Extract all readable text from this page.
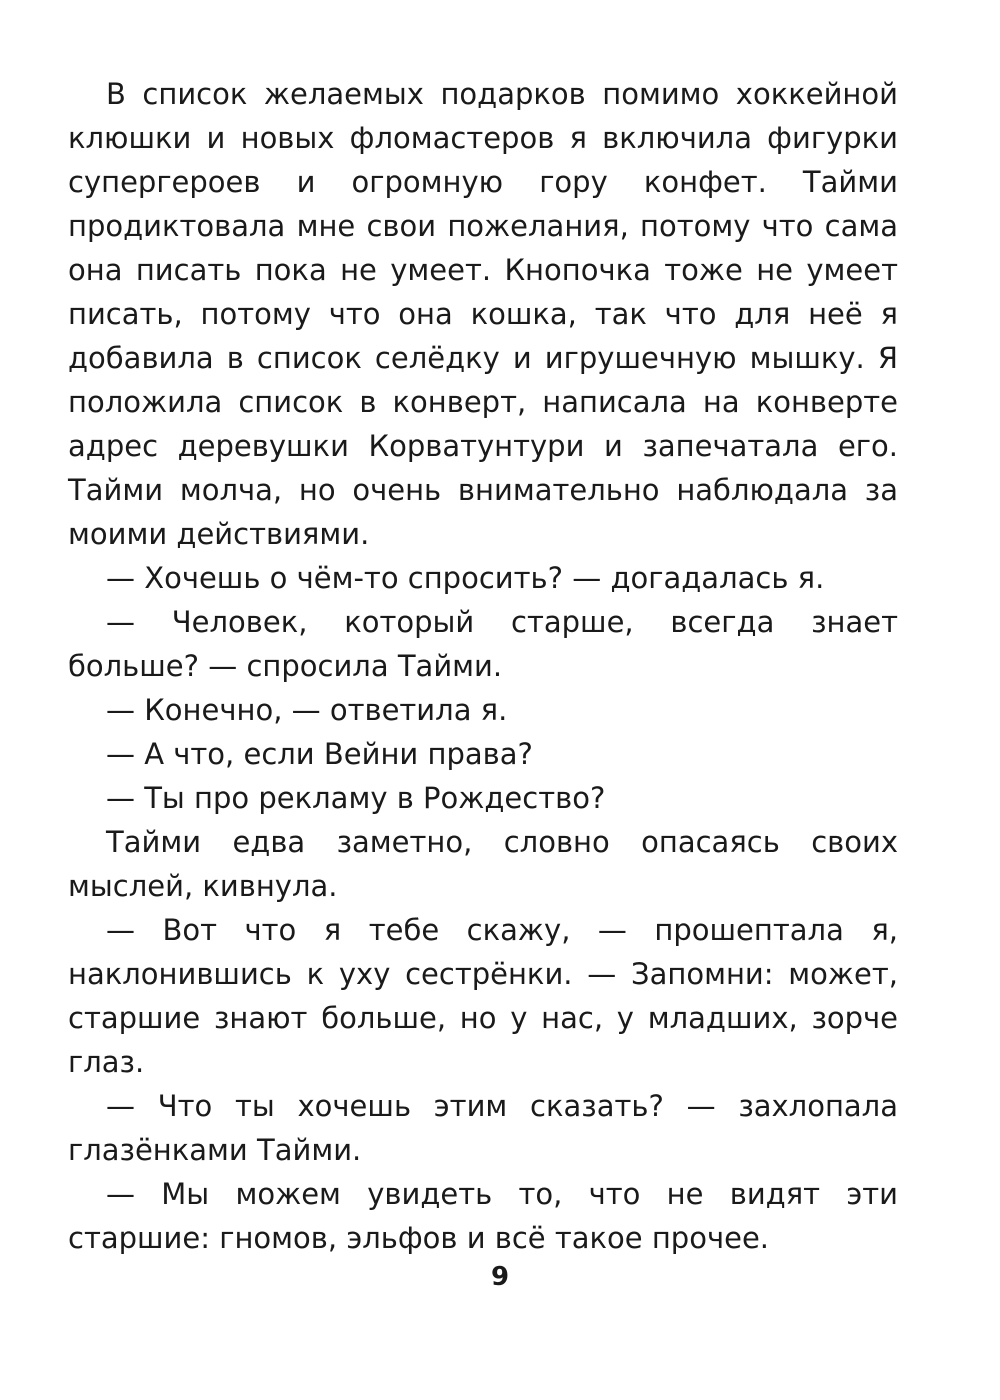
В список желаемых подарков помимо хоккейной клюшки и новых фломастеров я включила фигурки супергероев и огромную гору конфет. Тайми продиктовала мне свои пожелания, потому что сама она писать пока не умеет. Кнопочка тоже не умеет писать, потому что она кошка, так что для неё я добавила в список селёдку и игрушечную мышку. Я положила список в конверт, написала на конверте адрес деревушки Корватунтури и запечатала его. Тайми молча, но очень внимательно наблюдала за моими действиями.

— Хочешь о чём-то спросить? — догадалась я.

— Человек, который старше, всегда знает больше? — спросила Тайми.

— Конечно, — ответила я.

— А что, если Вейни права?

— Ты про рекламу в Рождество?

Тайми едва заметно, словно опасаясь своих мыслей, кивнула.

— Вот что я тебе скажу, — прошептала я, наклонившись к уху сестрёнки. — Запомни: может, старшие знают больше, но у нас, у младших, зорче глаз.

— Что ты хочешь этим сказать? — захлопала глазёнками Тайми.

— Мы можем увидеть то, что не видят эти старшие: гномов, эльфов и всё такое прочее.

9
